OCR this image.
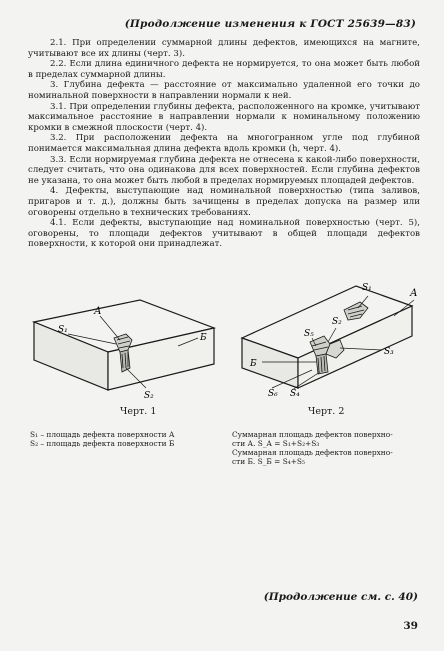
(Продолжение изменения к ГОСТ 25639—83)

2.1. При определении суммарной длины дефектов, имеющихся на магните, учитывают все их длины (черт. 3).

2.2. Если длина единичного дефекта не нормируется, то она может быть любой в пределах суммарной длины.

3. Глубина дефекта — расстояние от максимально удаленной его точки до номинальной поверхности в направлении нормали к ней.

3.1. При определении глубины дефекта, расположенного на кромке, учитывают максимальное расстояние в направлении нормали к номинальному положению кромки в смежной плоскости (черт. 4).

3.2. При расположении дефекта на многогранном угле под глубиной понимается максимальная длина дефекта вдоль кромки (h, черт. 4).

3.3. Если нормируемая глубина дефекта не отнесена к какой-либо поверхности, следует считать, что она одинакова для всех поверхностей. Если глубина дефектов не указана, то она может быть любой в пределах нормируемых площадей дефектов.

4. Дефекты, выступающие над номинальной поверхностью (типа заливов, пригаров и т. д.), должны быть зачищены в пределах допуска на размер или оговорены отдельно в технических требованиях.

4.1. Если дефекты, выступающие над номинальной поверхностью (черт. 5), оговорены, то площади дефектов учитывают в общей площади дефектов поверхности, к которой они принадлежат.

А
S₁
Б
S₂
А
S₁
S₂
S₅
Б
S₃
S₆ S₄
Черт. 1	Черт. 2
S₁ – площадь дефекта поверхности А
S₂ – площадь дефекта поверхности Б
Суммарная площадь дефектов поверхно-
сти А. S_A = S₁+S₂+S₃
Суммарная площадь дефектов поверхно-
сти Б. S_Б = S₄+S₅
(Продолжение см. с. 40)
39
